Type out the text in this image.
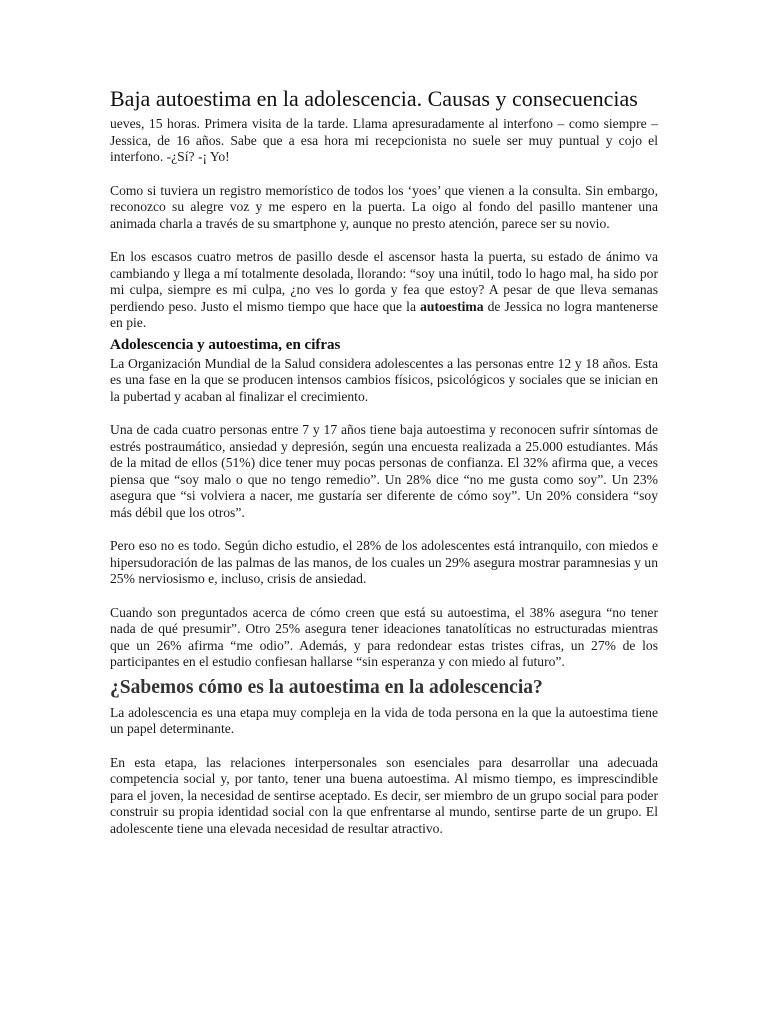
Baja autoestima en la adolescencia. Causas y consecuencias

ueves, 15 horas. Primera visita de la tarde. Llama apresuradamente al interfono – como siempre – Jessica, de 16 años. Sabe que a esa hora mi recepcionista no suele ser muy puntual y cojo el interfono. -¿Sí? -¡ Yo!

Como si tuviera un registro memorístico de todos los ‘yoes’ que vienen a la consulta. Sin embargo, reconozco su alegre voz y me espero en la puerta. La oigo al fondo del pasillo mantener una animada charla a través de su smartphone y, aunque no presto atención, parece ser su novio.

En los escasos cuatro metros de pasillo desde el ascensor hasta la puerta, su estado de ánimo va cambiando y llega a mí totalmente desolada, llorando: “soy una inútil, todo lo hago mal, ha sido por mi culpa, siempre es mi culpa, ¿no ves lo gorda y fea que estoy? A pesar de que lleva semanas perdiendo peso. Justo el mismo tiempo que hace que la autoestima de Jessica no logra mantenerse en pie.

Adolescencia y autoestima, en cifras

La Organización Mundial de la Salud considera adolescentes a las personas entre 12 y 18 años. Esta es una fase en la que se producen intensos cambios físicos, psicológicos y sociales que se inician en la pubertad y acaban al finalizar el crecimiento.

Una de cada cuatro personas entre 7 y 17 años tiene baja autoestima y reconocen sufrir síntomas de estrés postraumático, ansiedad y depresión, según una encuesta realizada a 25.000 estudiantes. Más de la mitad de ellos (51%) dice tener muy pocas personas de confianza. El 32% afirma que, a veces piensa que “soy malo o que no tengo remedio”. Un 28% dice “no me gusta como soy”. Un 23% asegura que “si volviera a nacer, me gustaría ser diferente de cómo soy”. Un 20% considera “soy más débil que los otros”.

Pero eso no es todo. Según dicho estudio, el 28% de los adolescentes está intranquilo, con miedos e hipersudoración de las palmas de las manos, de los cuales un 29% asegura mostrar paramnesias y un 25% nerviosismo e, incluso, crisis de ansiedad.

Cuando son preguntados acerca de cómo creen que está su autoestima, el 38% asegura “no tener nada de qué presumir”. Otro 25% asegura tener ideaciones tanatolíticas no estructuradas mientras que un 26% afirma “me odio”. Además, y para redondear estas tristes cifras, un 27% de los participantes en el estudio confiesan hallarse “sin esperanza y con miedo al futuro”.

¿Sabemos cómo es la autoestima en la adolescencia?

La adolescencia es una etapa muy compleja en la vida de toda persona en la que la autoestima tiene un papel determinante.

En esta etapa, las relaciones interpersonales son esenciales para desarrollar una adecuada competencia social y, por tanto, tener una buena autoestima. Al mismo tiempo, es imprescindible para el joven, la necesidad de sentirse aceptado. Es decir, ser miembro de un grupo social para poder construir su propia identidad social con la que enfrentarse al mundo, sentirse parte de un grupo. El adolescente tiene una elevada necesidad de resultar atractivo.
